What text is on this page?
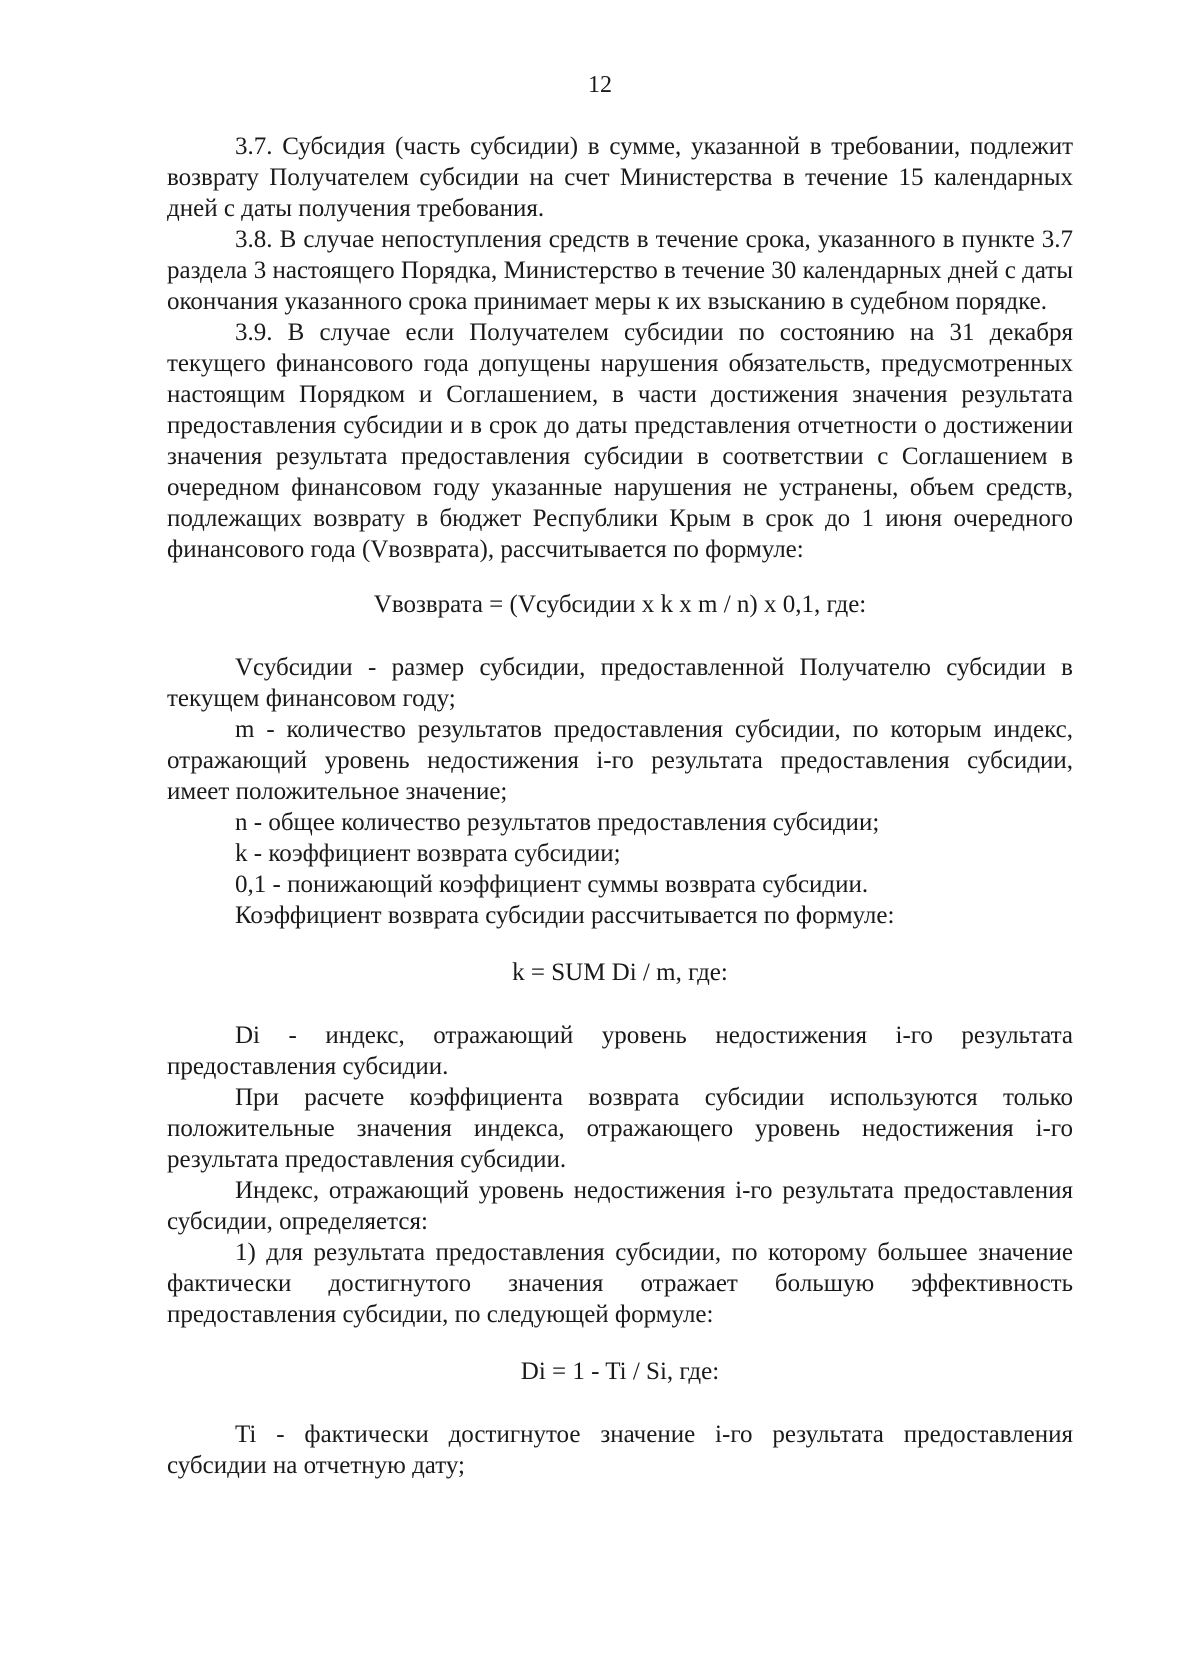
12

3.7. Субсидия (часть субсидии) в сумме, указанной в требовании, подлежит возврату Получателем субсидии на счет Министерства в течение 15 календарных дней с даты получения требования.

3.8. В случае непоступления средств в течение срока, указанного в пункте 3.7 раздела 3 настоящего Порядка, Министерство в течение 30 календарных дней с даты окончания указанного срока принимает меры к их взысканию в судебном порядке.

3.9. В случае если Получателем субсидии по состоянию на 31 декабря текущего финансового года допущены нарушения обязательств, предусмотренных настоящим Порядком и Соглашением, в части достижения значения результата предоставления субсидии и в срок до даты представления отчетности о достижении значения результата предоставления субсидии в соответствии с Соглашением в очередном финансовом году указанные нарушения не устранены, объем средств, подлежащих возврату в бюджет Республики Крым в срок до 1 июня очередного финансового года (Vвозврата), рассчитывается по формуле:

Vвозврата = (Vсубсидии x k x m / n) x 0,1, где:

Vсубсидии - размер субсидии, предоставленной Получателю субсидии в текущем финансовом году;

m - количество результатов предоставления субсидии, по которым индекс, отражающий уровень недостижения i-го результата предоставления субсидии, имеет положительное значение;

n - общее количество результатов предоставления субсидии;

k - коэффициент возврата субсидии;

0,1 - понижающий коэффициент суммы возврата субсидии.

Коэффициент возврата субсидии рассчитывается по формуле:

k = SUM Di / m, где:

Di - индекс, отражающий уровень недостижения i-го результата предоставления субсидии.

При расчете коэффициента возврата субсидии используются только положительные значения индекса, отражающего уровень недостижения i-го результата предоставления субсидии.

Индекс, отражающий уровень недостижения i-го результата предоставления субсидии, определяется:

1) для результата предоставления субсидии, по которому большее значение фактически достигнутого значения отражает большую эффективность предоставления субсидии, по следующей формуле:

Di = 1 - Ti / Si, где:

Ti - фактически достигнутое значение i-го результата предоставления субсидии на отчетную дату;
